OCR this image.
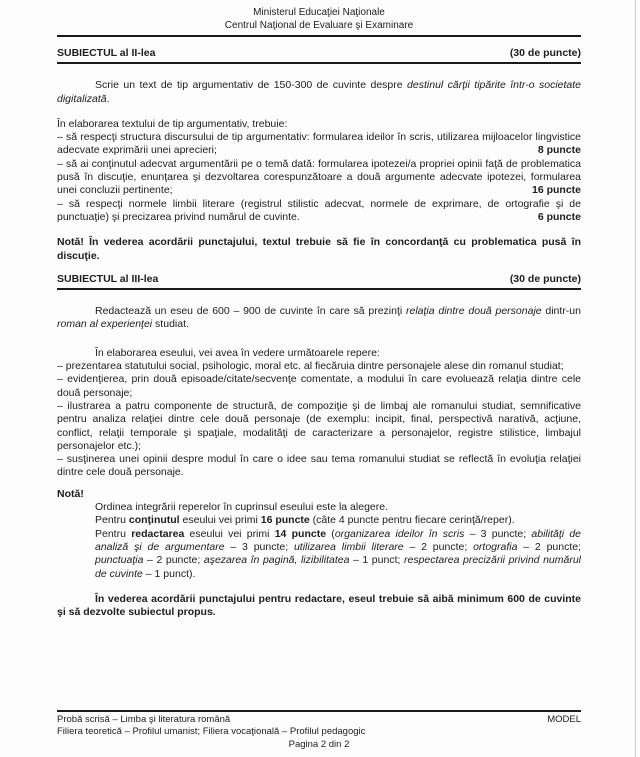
Ministerul Educaţiei Naţionale
Centrul Naţional de Evaluare şi Examinare
SUBIECTUL al II-lea	(30 de puncte)

Scrie un text de tip argumentativ de 150-300 de cuvinte despre destinul cărţii tipărite într-o societate digitalizată.

În elaborarea textului de tip argumentativ, trebuie:

– să respecţi structura discursului de tip argumentativ: formularea ideilor în scris, utilizarea mijloacelor lingvistice adecvate exprimării unei aprecieri;	8 puncte
– să ai conţinutul adecvat argumentării pe o temă dată: formularea ipotezei/a propriei opinii faţă de problematica pusă în discuţie, enunţarea şi dezvoltarea corespunzătoare a două argumente adecvate ipotezei, formularea unei concluzii pertinente;	16 puncte
– să respecţi normele limbii literare (registrul stilistic adecvat, normele de exprimare, de ortografie şi de punctuaţie) şi precizarea privind numărul de cuvinte.	6 puncte

Notă! În vederea acordării punctajului, textul trebuie să fie în concordanţă cu problematica pusă în discuţie.

SUBIECTUL al III-lea	(30 de puncte)

Redactează un eseu de 600 – 900 de cuvinte în care să prezinţi relaţia dintre două personaje dintr-un roman al experienţei studiat.

În elaborarea eseului, vei avea în vedere următoarele repere:

– prezentarea statutului social, psihologic, moral etc. al fiecăruia dintre personajele alese din romanul studiat;
– evidenţierea, prin două episoade/citate/secvenţe comentate, a modului în care evoluează relaţia dintre cele două personaje;
– ilustrarea a patru componente de structură, de compoziţie şi de limbaj ale romanului studiat, semnificative pentru analiza relaţiei dintre cele două personaje (de exemplu: incipit, final, perspectivă narativă, acţiune, conflict, relaţii temporale şi spaţiale, modalităţi de caracterizare a personajelor, registre stilistice, limbajul personajelor etc.);
– susţinerea unei opinii despre modul în care o idee sau tema romanului studiat se reflectă în evoluţia relaţiei dintre cele două personaje.
Notă!

Ordinea integrării reperelor în cuprinsul eseului este la alegere.

Pentru conţinutul eseului vei primi 16 puncte (câte 4 puncte pentru fiecare cerinţă/reper).

Pentru redactarea eseului vei primi 14 puncte (organizarea ideilor în scris – 3 puncte; abilităţi de analiză şi de argumentare – 3 puncte; utilizarea limbii literare – 2 puncte; ortografia – 2 puncte; punctuaţia – 2 puncte; aşezarea în pagină, lizibilitatea – 1 punct; respectarea precizării privind numărul de cuvinte – 1 punct).

În vederea acordării punctajului pentru redactare, eseul trebuie să aibă minimum 600 de cuvinte şi să dezvolte subiectul propus.

Probă scrisă – Limba şi literatura română	MODEL
Filiera teoretică – Profilul umanist; Filiera vocaţională – Profilul pedagogic
Pagina 2 din 2
